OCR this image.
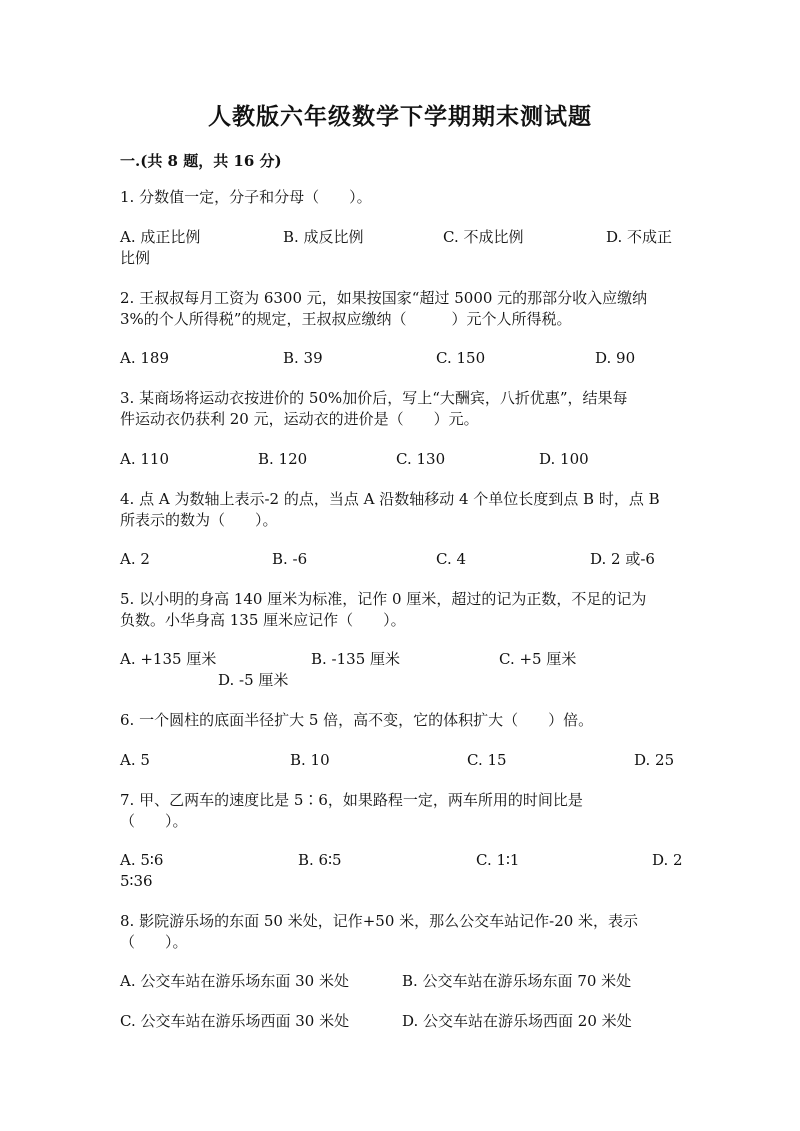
人教版六年级数学下学期期末测试题
一.(共 8 题，共 16 分)
1. 分数值一定，分子和分母（　　）。
A. 成正比例	B. 成反比例	C. 不成比例	D. 不成正
比例
2. 王叔叔每月工资为 6300 元，如果按国家“超过 5000 元的那部分收入应缴纳
3%的个人所得税”的规定，王叔叔应缴纳（　　　）元个人所得税。
A. 189	B. 39	C. 150	D. 90
3. 某商场将运动衣按进价的 50%加价后，写上“大酬宾，八折优惠”，结果每
件运动衣仍获利 20 元，运动衣的进价是（　　）元。
A. 110	B. 120	C. 130	D. 100
4. 点 A 为数轴上表示-2 的点，当点 A 沿数轴移动 4 个单位长度到点 B 时，点 B
所表示的数为（　　）。
A. 2	B. -6	C. 4	D. 2 或-6
5. 以小明的身高 140 厘米为标准，记作 0 厘米，超过的记为正数，不足的记为
负数。小华身高 135 厘米应记作（　　）。
A. +135 厘米	B. -135 厘米	C. +5 厘米
D. -5 厘米
6. 一个圆柱的底面半径扩大 5 倍，高不变，它的体积扩大（　　）倍。
A. 5	B. 10	C. 15	D. 25
7. 甲、乙两车的速度比是 5∶6，如果路程一定，两车所用的时间比是
（　　）。
A. 5∶6	B. 6∶5	C. 1∶1	D. 2
5∶36
8. 影院游乐场的东面 50 米处，记作+50 米，那么公交车站记作-20 米，表示
（　　）。
A. 公交车站在游乐场东面 30 米处	B. 公交车站在游乐场东面 70 米处
C. 公交车站在游乐场西面 30 米处	D. 公交车站在游乐场西面 20 米处
